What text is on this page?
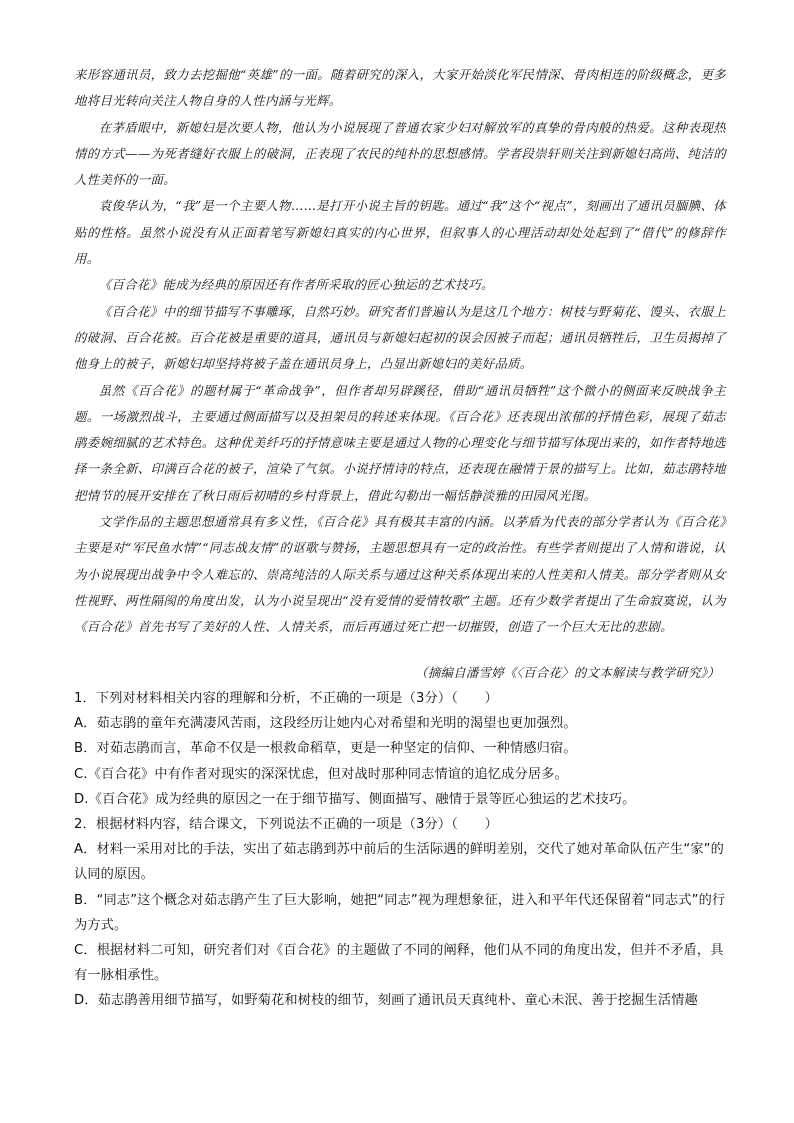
来形容通讯员，致力去挖掘他“英雄”的一面。随着研究的深入，大家开始淡化军民情深、骨肉相连的阶级概念，更多地将目光转向关注人物自身的人性内涵与光辉。

在茅盾眼中，新媳妇是次要人物，他认为小说展现了普通农家少妇对解放军的真挚的骨肉般的热爱。这种表现热情的方式——为死者缝好衣服上的破洞，正表现了农民的纯朴的思想感情。学者段崇轩则关注到新媳妇高尚、纯洁的人性美怀的一面。

袁俊华认为，“我”是一个主要人物……是打开小说主旨的钥匙。通过“我”这个“视点”，刻画出了通讯员腼腆、体贴的性格。虽然小说没有从正面着笔写新媳妇真实的内心世界，但叙事人的心理活动却处处起到了“借代”的修辞作用。

《百合花》能成为经典的原因还有作者所采取的匠心独运的艺术技巧。

《百合花》中的细节描写不事雕琢，自然巧妙。研究者们普遍认为是这几个地方：树枝与野菊花、馒头、衣服上的破洞、百合花被。百合花被是重要的道具，通讯员与新媳妇起初的误会因被子而起；通讯员牺牲后，卫生员揭掉了他身上的被子，新媳妇却坚持将被子盖在通讯员身上，凸显出新媳妇的美好品质。

虽然《百合花》的题材属于“革命战争”，但作者却另辟蹊径，借助“通讯员牺牲”这个微小的侧面来反映战争主题。一场激烈战斗，主要通过侧面描写以及担架员的转述来体现。《百合花》还表现出浓郁的抒情色彩，展现了茹志鹃委婉细腻的艺术特色。这种优美纤巧的抒情意味主要是通过人物的心理变化与细节描写体现出来的，如作者特地选择一条全新、印满百合花的被子，渲染了气氛。小说抒情诗的特点，还表现在融情于景的描写上。比如，茹志鹃特地把情节的展开安排在了秋日雨后初晴的乡村背景上，借此勾勒出一幅恬静淡雅的田园风光图。

文学作品的主题思想通常具有多义性，《百合花》具有极其丰富的内涵。以茅盾为代表的部分学者认为《百合花》主要是对“军民鱼水情”“同志战友情”的讴歌与赞扬，主题思想具有一定的政治性。有些学者则提出了人情和谐说，认为小说展现出战争中令人难忘的、崇高纯洁的人际关系与通过这种关系体现出来的人性美和人情美。部分学者则从女性视野、两性隔阂的角度出发，认为小说呈现出“没有爱情的爱情牧歌”主题。还有少数学者提出了生命寂寞说，认为《百合花》首先书写了美好的人性、人情关系，而后再通过死亡把一切摧毁，创造了一个巨大无比的悲剧。

（摘编自潘雪婷《〈百合花〉的文本解读与教学研究》）

1．下列对材料相关内容的理解和分析，不正确的一项是（3分）（　　）

A．茹志鹃的童年充满凄风苦雨，这段经历让她内心对希望和光明的渴望也更加强烈。

B．对茹志鹃而言，革命不仅是一根救命稻草，更是一种坚定的信仰、一种情感归宿。

C.《百合花》中有作者对现实的深深忧虑，但对战时那种同志情谊的追忆成分居多。

D.《百合花》成为经典的原因之一在于细节描写、侧面描写、融情于景等匠心独运的艺术技巧。

2．根据材料内容，结合课文，下列说法不正确的一项是（3分）（　　）

A．材料一采用对比的手法，实出了茹志鹃到苏中前后的生活际遇的鲜明差别，交代了她对革命队伍产生“家”的认同的原因。

B．“同志”这个概念对茹志鹃产生了巨大影响，她把“同志”视为理想象征，进入和平年代还保留着“同志式”的行为方式。

C．根据材料二可知，研究者们对《百合花》的主题做了不同的阐释，他们从不同的角度出发，但并不矛盾，具有一脉相承性。

D．茹志鹃善用细节描写，如野菊花和树枝的细节，刻画了通讯员天真纯朴、童心未泯、善于挖掘生活情趣
